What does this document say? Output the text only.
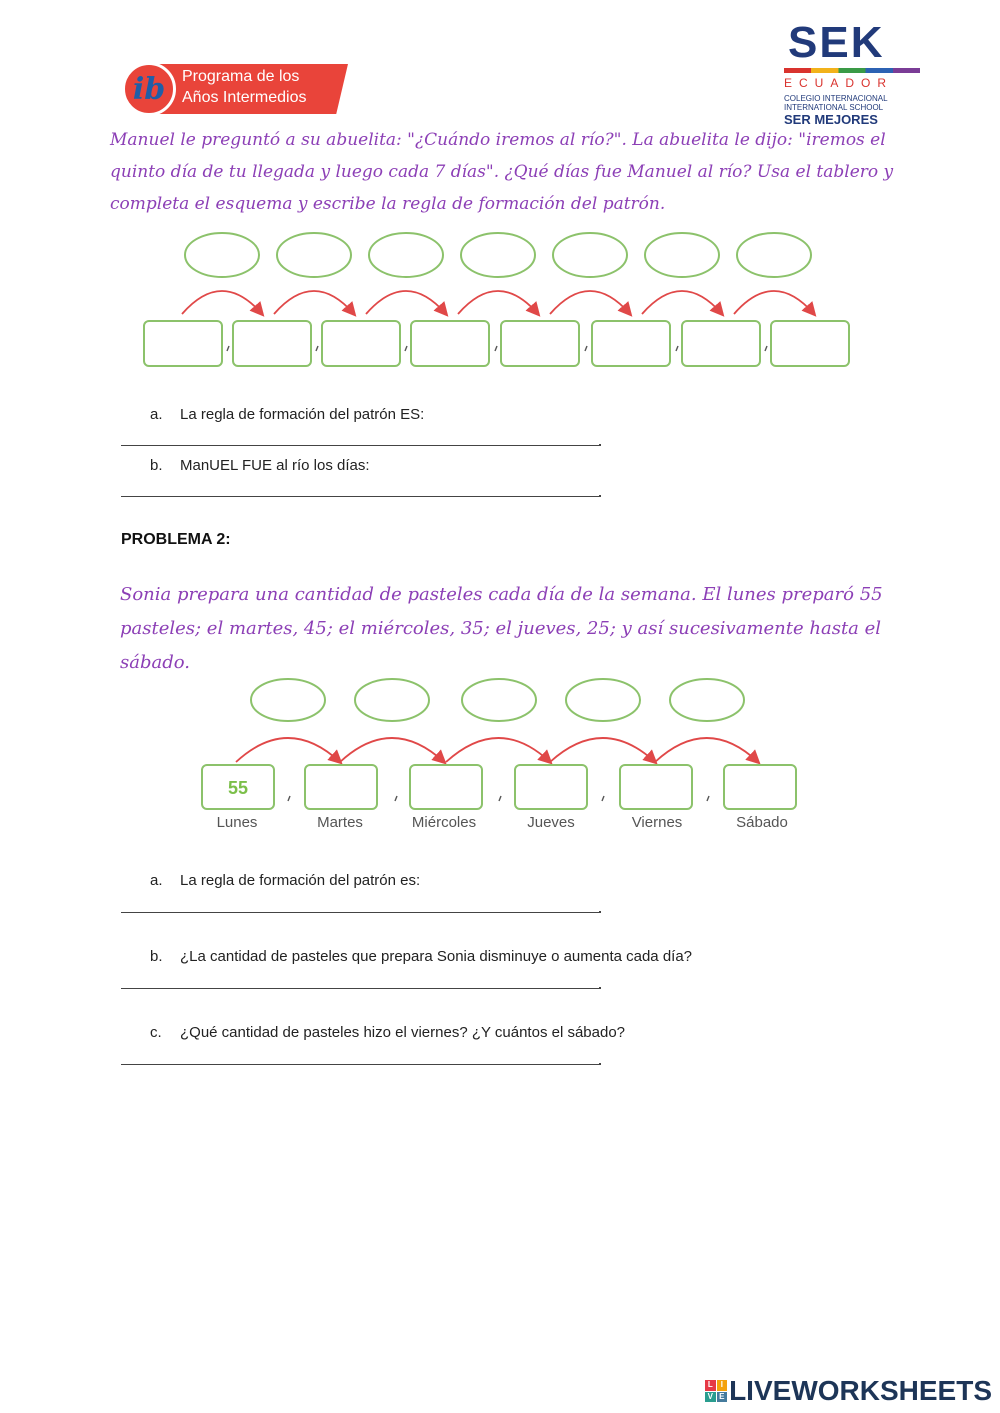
ib	Programa de los
Años Intermedios
SEK
ECUADOR
COLEGIO INTERNACIONAL
INTERNATIONAL SCHOOL
SER MEJORES
Manuel le preguntó a su abuelita: "¿Cuándo iremos al río?". La abuelita le dijo: "iremos el quinto día de tu llegada y luego cada 7 días". ¿Qué días fue Manuel al río? Usa el tablero y completa el esquema y escribe la regla de formación del patrón.
55
Lunes	Martes	Miércoles	Jueves	Viernes	Sábado
a. La regla de formación del patrón ES:
b. ManUEL FUE al río los días:
PROBLEMA 2:
Sonia prepara una cantidad de pasteles cada día de la semana. El lunes preparó 55 pasteles; el martes, 45; el miércoles, 35; el jueves, 25; y así sucesivamente hasta el sábado.
a. La regla de formación del patrón es:
b. ¿La cantidad de pasteles que prepara Sonia disminuye o aumenta cada día?
c. ¿Qué cantidad de pasteles hizo el viernes? ¿Y cuántos el sábado?
L I
V E LIVEWORKSHEETS
